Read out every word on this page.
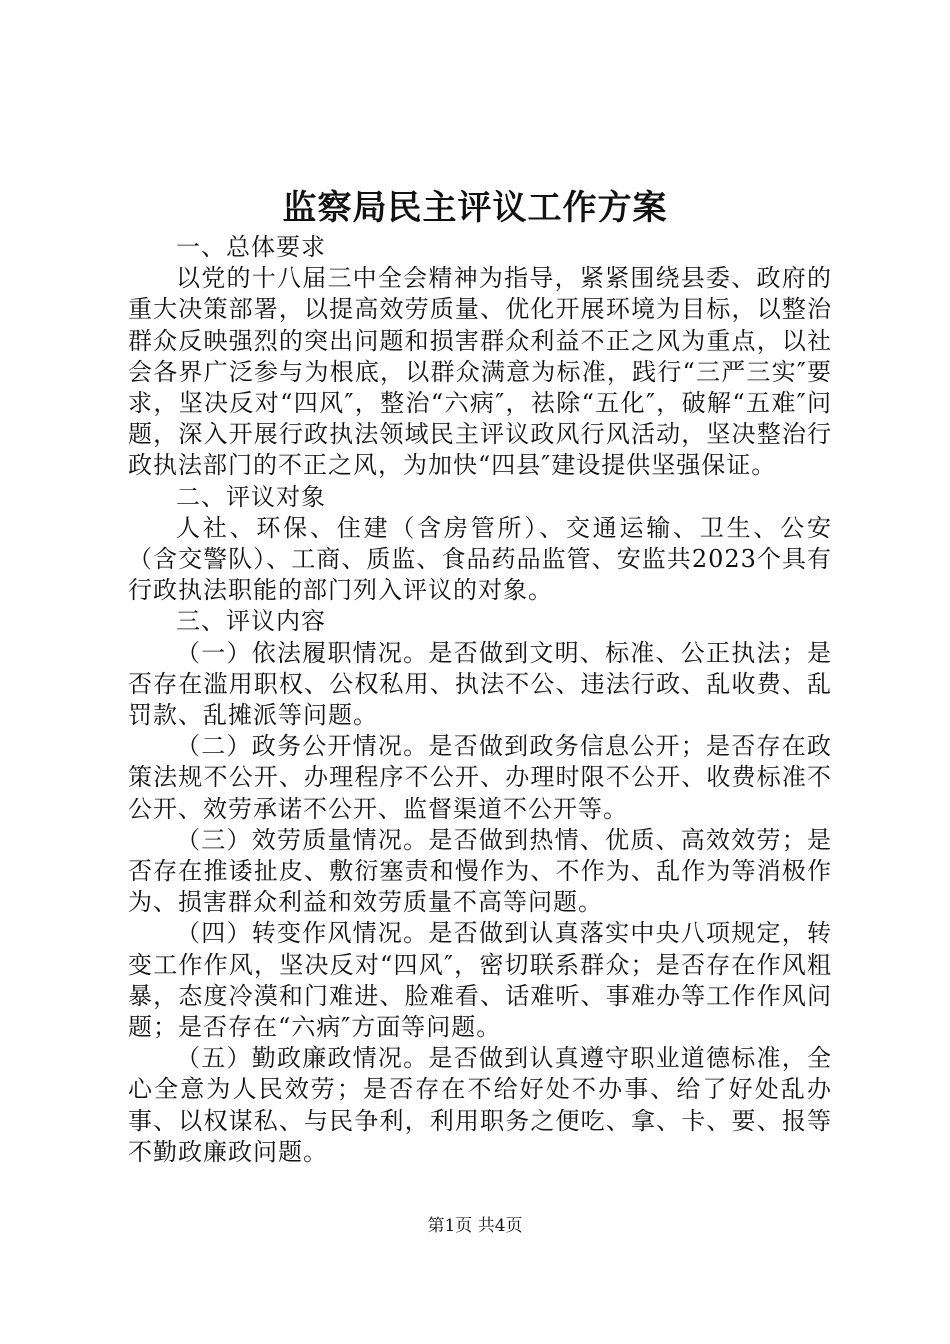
监察局民主评议工作方案

一、总体要求

以党的十八届三中全会精神为指导，紧紧围绕县委、政府的重大决策部署，以提高效劳质量、优化开展环境为目标，以整治群众反映强烈的突出问题和损害群众利益不正之风为重点，以社会各界广泛参与为根底，以群众满意为标准，践行“三严三实″要求，坚决反对“四风″，整治“六病″，祛除“五化″，破解“五难″问题，深入开展行政执法领域民主评议政风行风活动，坚决整治行政执法部门的不正之风，为加快“四县″建设提供坚强保证。

二、评议对象

人社、环保、住建（含房管所）、交通运输、卫生、公安（含交警队）、工商、质监、食品药品监管、安监共2023个具有行政执法职能的部门列入评议的对象。

三、评议内容

（一）依法履职情况。是否做到文明、标准、公正执法；是否存在滥用职权、公权私用、执法不公、违法行政、乱收费、乱罚款、乱摊派等问题。

（二）政务公开情况。是否做到政务信息公开；是否存在政策法规不公开、办理程序不公开、办理时限不公开、收费标准不公开、效劳承诺不公开、监督渠道不公开等。

（三）效劳质量情况。是否做到热情、优质、高效效劳；是否存在推诿扯皮、敷衍塞责和慢作为、不作为、乱作为等消极作为、损害群众利益和效劳质量不高等问题。

（四）转变作风情况。是否做到认真落实中央八项规定，转变工作作风，坚决反对“四风″，密切联系群众；是否存在作风粗暴，态度冷漠和门难进、脸难看、话难听、事难办等工作作风问题；是否存在“六病″方面等问题。

（五）勤政廉政情况。是否做到认真遵守职业道德标准，全心全意为人民效劳；是否存在不给好处不办事、给了好处乱办事、以权谋私、与民争利，利用职务之便吃、拿、卡、要、报等不勤政廉政问题。

第1页 共4页
